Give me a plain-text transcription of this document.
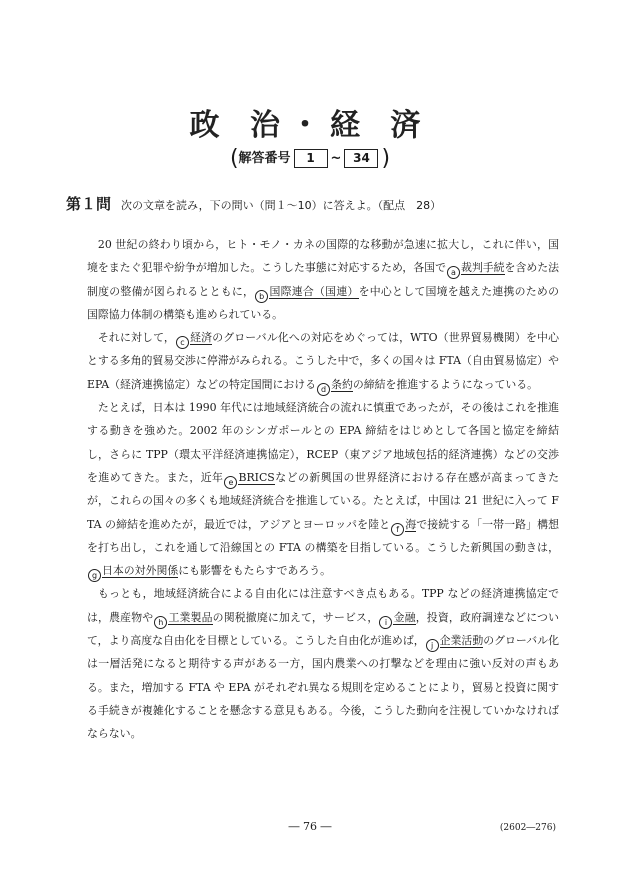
政 治・経 済
(解答番号 1 ~ 34 )
第１問 次の文章を読み，下の問い（問１～10）に答えよ。（配点　28）

20 世紀の終わり頃から，ヒト・モノ・カネの国際的な移動が急速に拡大し，これに伴い，国境をまたぐ犯罪や紛争が増加した。こうした事態に対応するため，各国で a 裁判手続を含めた法制度の整備が図られるとともに， b 国際連合（国連）を中心として国境を越えた連携のための国際協力体制の構築も進められている。

それに対して， c 経済のグローバル化への対応をめぐっては，WTO（世界貿易機関）を中心とする多角的貿易交渉に停滞がみられる。こうした中で，多くの国々は FTA（自由貿易協定）や EPA（経済連携協定）などの特定国間における d 条約の締結を推進するようになっている。

たとえば，日本は 1990 年代には地域経済統合の流れに慎重であったが，その後はこれを推進する動きを強めた。2002 年のシンガポールとの EPA 締結をはじめとして各国と協定を締結し，さらに TPP（環太平洋経済連携協定），RCEP（東アジア地域包括的経済連携）などの交渉を進めてきた。また，近年 e BRICSなどの新興国の世界経済における存在感が高まってきたが，これらの国々の多くも地域経済統合を推進している。たとえば，中国は 21 世紀に入って FTA の締結を進めたが，最近では，アジアとヨーロッパを陸と f 海で接続する「一帯一路」構想を打ち出し，これを通して沿線国との FTA の構築を目指している。こうした新興国の動きは，g 日本の対外関係にも影響をもたらすであろう。

もっとも，地域経済統合による自由化には注意すべき点もある。TPP などの経済連携協定では，農産物や h 工業製品の関税撤廃に加えて，サービス， i 金融，投資，政府調達などについて，より高度な自由化を目標としている。こうした自由化が進めば， j 企業活動のグローバル化は一層活発になると期待する声がある一方，国内農業への打撃などを理由に強い反対の声もある。また，増加する FTA や EPA がそれぞれ異なる規則を定めることにより，貿易と投資に関する手続きが複雑化することを懸念する意見もある。今後，こうした動向を注視していかなければならない。

― 76 ―	(2602―276)
